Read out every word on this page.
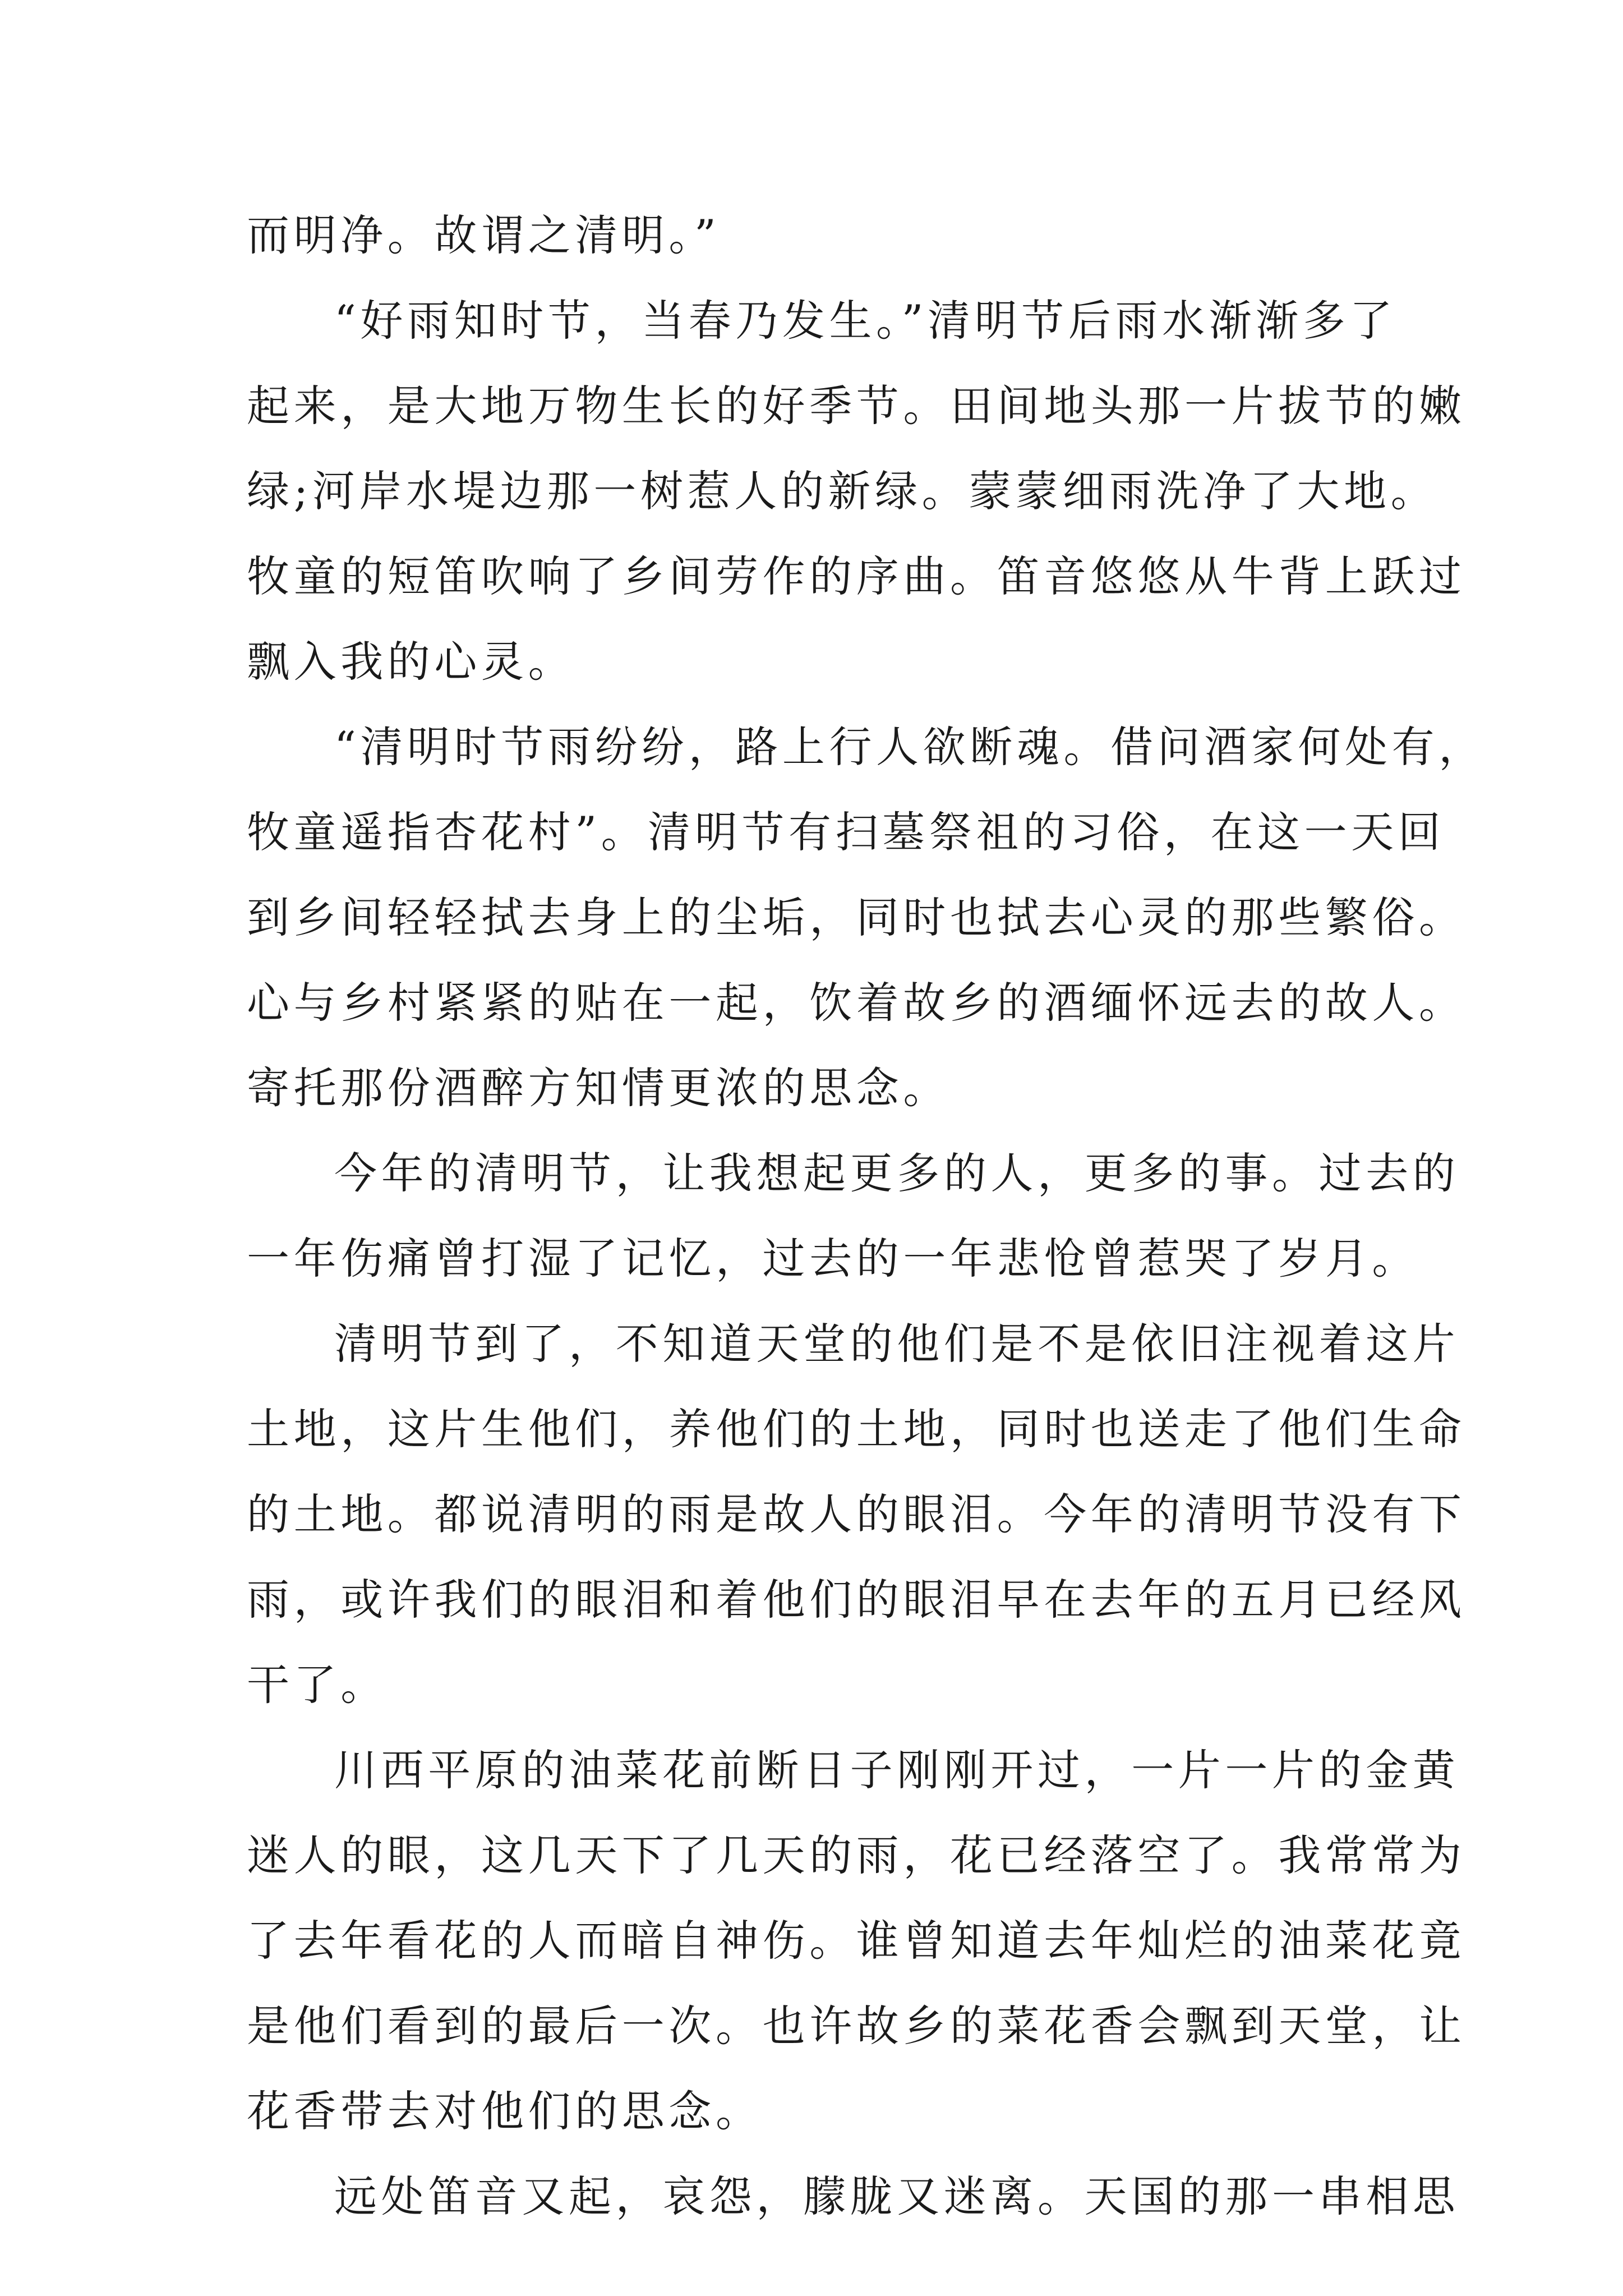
而明净。故谓之清明。”
“好雨知时节，当春乃发生。”清明节后雨水渐渐多了
起来，是大地万物生长的好季节。田间地头那一片拔节的嫩
绿;河岸水堤边那一树惹人的新绿。蒙蒙细雨洗净了大地。
牧童的短笛吹响了乡间劳作的序曲。笛音悠悠从牛背上跃过
飘入我的心灵。
“清明时节雨纷纷，路上行人欲断魂。借问酒家何处有，
牧童遥指杏花村”。清明节有扫墓祭祖的习俗，在这一天回
到乡间轻轻拭去身上的尘垢，同时也拭去心灵的那些繁俗。
心与乡村紧紧的贴在一起，饮着故乡的酒缅怀远去的故人。
寄托那份酒醉方知情更浓的思念。
今年的清明节，让我想起更多的人，更多的事。过去的
一年伤痛曾打湿了记忆，过去的一年悲怆曾惹哭了岁月。
清明节到了，不知道天堂的他们是不是依旧注视着这片
土地，这片生他们，养他们的土地，同时也送走了他们生命
的土地。都说清明的雨是故人的眼泪。今年的清明节没有下
雨，或许我们的眼泪和着他们的眼泪早在去年的五月已经风
干了。
川西平原的油菜花前断日子刚刚开过，一片一片的金黄
迷人的眼，这几天下了几天的雨，花已经落空了。我常常为
了去年看花的人而暗自神伤。谁曾知道去年灿烂的油菜花竟
是他们看到的最后一次。也许故乡的菜花香会飘到天堂，让
花香带去对他们的思念。
远处笛音又起，哀怨，朦胧又迷离。天国的那一串相思
